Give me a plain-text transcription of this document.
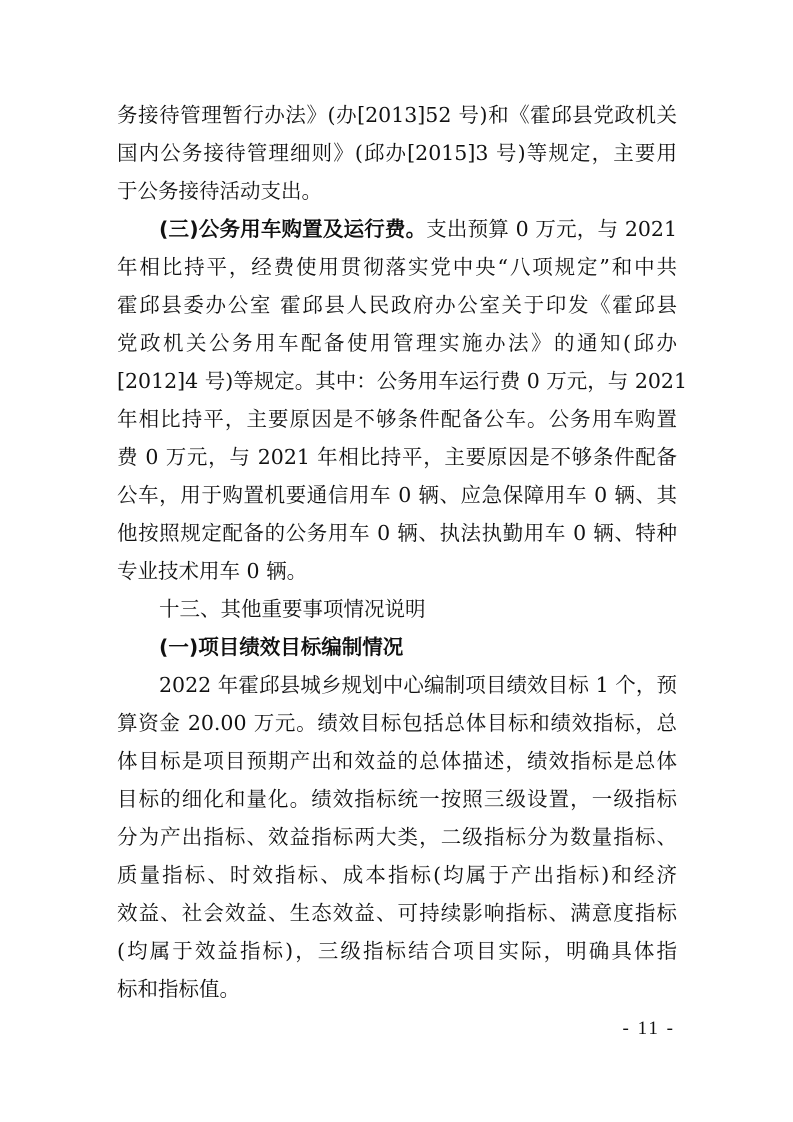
务接待管理暂行办法》(办[2013]52 号)和《霍邱县党政机关
国内公务接待管理细则》(邱办[2015]3 号)等规定，主要用
于公务接待活动支出。
(三)公务用车购置及运行费。支出预算 0 万元，与 2021
年相比持平，经费使用贯彻落实党中央“八项规定”和中共
霍邱县委办公室 霍邱县人民政府办公室关于印发《霍邱县
党政机关公务用车配备使用管理实施办法》的通知(邱办
[2012]4 号)等规定。其中：公务用车运行费 0 万元，与 2021
年相比持平，主要原因是不够条件配备公车。公务用车购置
费 0 万元，与 2021 年相比持平，主要原因是不够条件配备
公车，用于购置机要通信用车 0 辆、应急保障用车 0 辆、其
他按照规定配备的公务用车 0 辆、执法执勤用车 0 辆、特种
专业技术用车 0 辆。
十三、其他重要事项情况说明
(一)项目绩效目标编制情况
2022 年霍邱县城乡规划中心编制项目绩效目标 1 个，预
算资金 20.00 万元。绩效目标包括总体目标和绩效指标，总
体目标是项目预期产出和效益的总体描述，绩效指标是总体
目标的细化和量化。绩效指标统一按照三级设置，一级指标
分为产出指标、效益指标两大类，二级指标分为数量指标、
质量指标、时效指标、成本指标(均属于产出指标)和经济
效益、社会效益、生态效益、可持续影响指标、满意度指标
(均属于效益指标)，三级指标结合项目实际，明确具体指
标和指标值。
- 11 -
